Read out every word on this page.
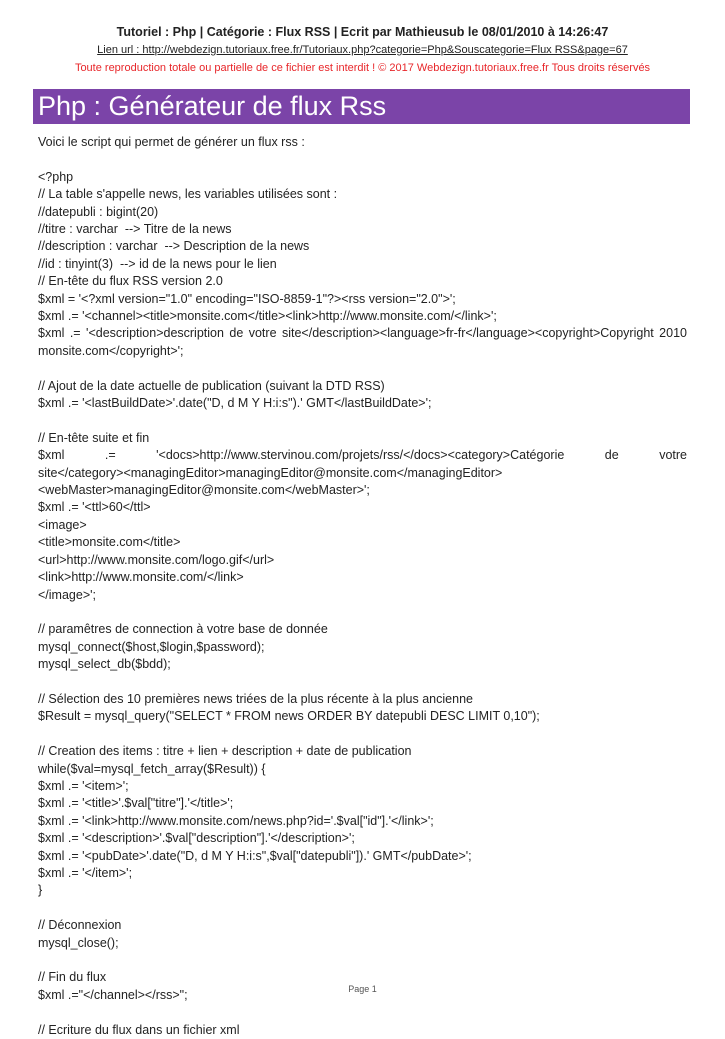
Tutoriel : Php | Catégorie : Flux RSS | Ecrit par Mathieusub le 08/01/2010 à 14:26:47
Lien url : http://webdezign.tutoriaux.free.fr/Tutoriaux.php?categorie=Php&Souscategorie=Flux RSS&page=67
Toute reproduction totale ou partielle de ce fichier est interdit ! © 2017 Webdezign.tutoriaux.free.fr Tous droits réservés
Php : Générateur de flux Rss
Voici le script qui permet de générer un flux rss :
<?php
// La table s'appelle news, les variables utilisées sont :
//datepubli : bigint(20)
//titre : varchar  --> Titre de la news
//description : varchar  --> Description de la news
//id : tinyint(3)  --> id de la news pour le lien
// En-tête du flux RSS version 2.0
$xml = '<?xml version="1.0" encoding="ISO-8859-1"?><rss version="2.0">';
$xml .= '<channel><title>monsite.com</title><link>http://www.monsite.com/</link>';
$xml .= '<description>description de votre site</description><language>fr-fr</language><copyright>Copyright 2010 monsite.com</copyright>';
// Ajout de la date actuelle de publication (suivant la DTD RSS)
$xml .= '<lastBuildDate>'.date("D, d M Y H:i:s").' GMT</lastBuildDate>';
// En-tête suite et fin
$xml .= '<docs>http://www.stervinou.com/projets/rss/</docs><category>Catégorie de votre
site</category><managingEditor>managingEditor@monsite.com</managingEditor>
<webMaster>managingEditor@monsite.com</webMaster>';
$xml .= '<ttl>60</ttl>
<image>
<title>monsite.com</title>
<url>http://www.monsite.com/logo.gif</url>
<link>http://www.monsite.com/</link>
</image>';
// paramêtres de connection à votre base de donnée
mysql_connect($host,$login,$password);
mysql_select_db($bdd);
// Sélection des 10 premières news triées de la plus récente à la plus ancienne
$Result = mysql_query("SELECT * FROM news ORDER BY datepubli DESC LIMIT 0,10");
// Creation des items : titre + lien + description + date de publication
while($val=mysql_fetch_array($Result)) {
$xml .= '<item>';
$xml .= '<title>'.$val["titre"].'</title>';
$xml .= '<link>http://www.monsite.com/news.php?id='.$val["id"].'</link>';
$xml .= '<description>'.$val["description"].'</description>';
$xml .= '<pubDate>'.date("D, d M Y H:i:s",$val["datepubli"]).' GMT</pubDate>';
$xml .= '</item>';
}
// Déconnexion
mysql_close();
// Fin du flux
$xml .="</channel></rss>";
// Ecriture du flux dans un fichier xml
Page 1
